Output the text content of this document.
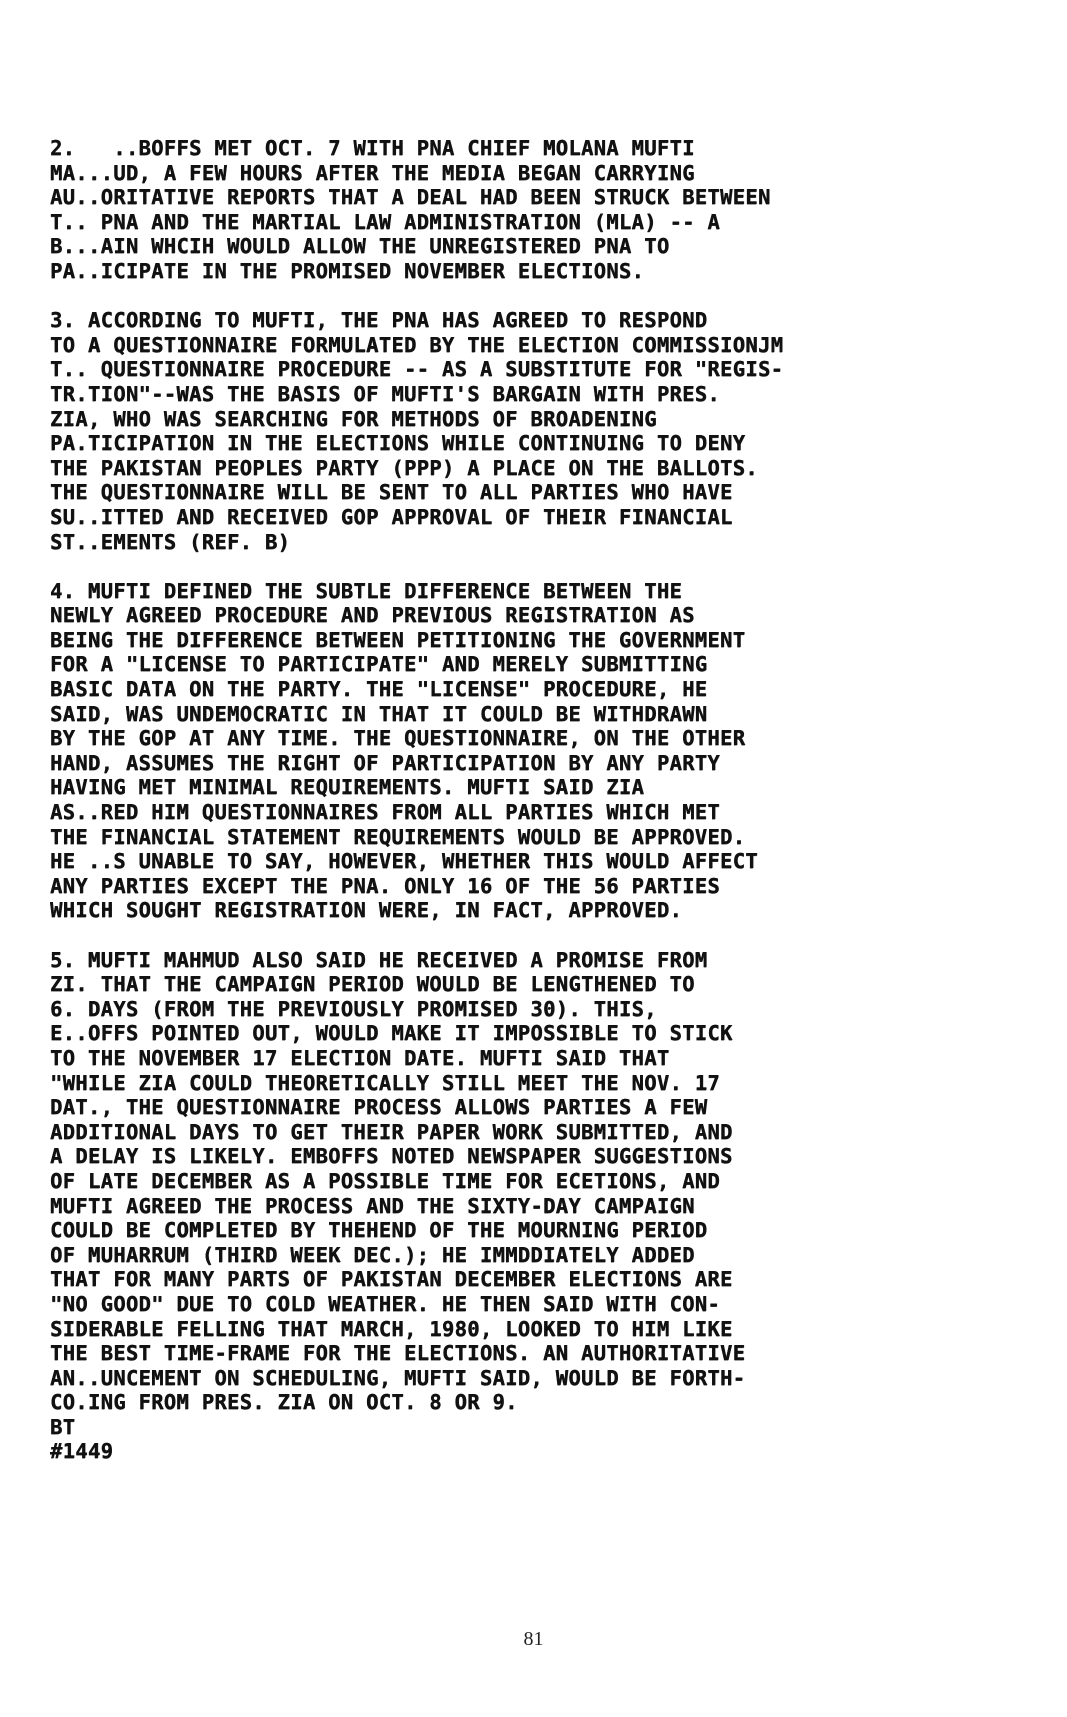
2.   ..BOFFS MET OCT. 7 WITH PNA CHIEF MOLANA MUFTI
MA...UD, A FEW HOURS AFTER THE MEDIA BEGAN CARRYING
AU..ORITATIVE REPORTS THAT A DEAL HAD BEEN STRUCK BETWEEN
T.. PNA AND THE MARTIAL LAW ADMINISTRATION (MLA) -- A
B...AIN WHCIH WOULD ALLOW THE UNREGISTERED PNA TO
PA..ICIPATE IN THE PROMISED NOVEMBER ELECTIONS.
3. ACCORDING TO MUFTI, THE PNA HAS AGREED TO RESPOND
TO A QUESTIONNAIRE FORMULATED BY THE ELECTION COMMISSIONJM
T.. QUESTIONNAIRE PROCEDURE -- AS A SUBSTITUTE FOR "REGIS-
TR.TION"--WAS THE BASIS OF MUFTI'S BARGAIN WITH PRES.
ZIA, WHO WAS SEARCHING FOR METHODS OF BROADENING
PA.TICIPATION IN THE ELECTIONS WHILE CONTINUING TO DENY
THE PAKISTAN PEOPLES PARTY (PPP) A PLACE ON THE BALLOTS.
THE QUESTIONNAIRE WILL BE SENT TO ALL PARTIES WHO HAVE
SU..ITTED AND RECEIVED GOP APPROVAL OF THEIR FINANCIAL
ST..EMENTS (REF. B)
4. MUFTI DEFINED THE SUBTLE DIFFERENCE BETWEEN THE
NEWLY AGREED PROCEDURE AND PREVIOUS REGISTRATION AS
BEING THE DIFFERENCE BETWEEN PETITIONING THE GOVERNMENT
FOR A "LICENSE TO PARTICIPATE" AND MERELY SUBMITTING
BASIC DATA ON THE PARTY. THE "LICENSE" PROCEDURE, HE
SAID, WAS UNDEMOCRATIC IN THAT IT COULD BE WITHDRAWN
BY THE GOP AT ANY TIME. THE QUESTIONNAIRE, ON THE OTHER
HAND, ASSUMES THE RIGHT OF PARTICIPATION BY ANY PARTY
HAVING MET MINIMAL REQUIREMENTS. MUFTI SAID ZIA
AS..RED HIM QUESTIONNAIRES FROM ALL PARTIES WHICH MET
THE FINANCIAL STATEMENT REQUIREMENTS WOULD BE APPROVED.
HE ..S UNABLE TO SAY, HOWEVER, WHETHER THIS WOULD AFFECT
ANY PARTIES EXCEPT THE PNA. ONLY 16 OF THE 56 PARTIES
WHICH SOUGHT REGISTRATION WERE, IN FACT, APPROVED.
5. MUFTI MAHMUD ALSO SAID HE RECEIVED A PROMISE FROM
ZI. THAT THE CAMPAIGN PERIOD WOULD BE LENGTHENED TO
6. DAYS (FROM THE PREVIOUSLY PROMISED 30). THIS,
E..OFFS POINTED OUT, WOULD MAKE IT IMPOSSIBLE TO STICK
TO THE NOVEMBER 17 ELECTION DATE. MUFTI SAID THAT
"WHILE ZIA COULD THEORETICALLY STILL MEET THE NOV. 17
DAT., THE QUESTIONNAIRE PROCESS ALLOWS PARTIES A FEW
ADDITIONAL DAYS TO GET THEIR PAPER WORK SUBMITTED, AND
A DELAY IS LIKELY. EMBOFFS NOTED NEWSPAPER SUGGESTIONS
OF LATE DECEMBER AS A POSSIBLE TIME FOR ECETIONS, AND
MUFTI AGREED THE PROCESS AND THE SIXTY-DAY CAMPAIGN
COULD BE COMPLETED BY THEHEND OF THE MOURNING PERIOD
OF MUHARRUM (THIRD WEEK DEC.); HE IMMDDIATELY ADDED
THAT FOR MANY PARTS OF PAKISTAN DECEMBER ELECTIONS ARE
"NO GOOD" DUE TO COLD WEATHER. HE THEN SAID WITH CON-
SIDERABLE FELLING THAT MARCH, 1980, LOOKED TO HIM LIKE
THE BEST TIME-FRAME FOR THE ELECTIONS. AN AUTHORITATIVE
AN..UNCEMENT ON SCHEDULING, MUFTI SAID, WOULD BE FORTH-
CO.ING FROM PRES. ZIA ON OCT. 8 OR 9.
BT
#1449
81
